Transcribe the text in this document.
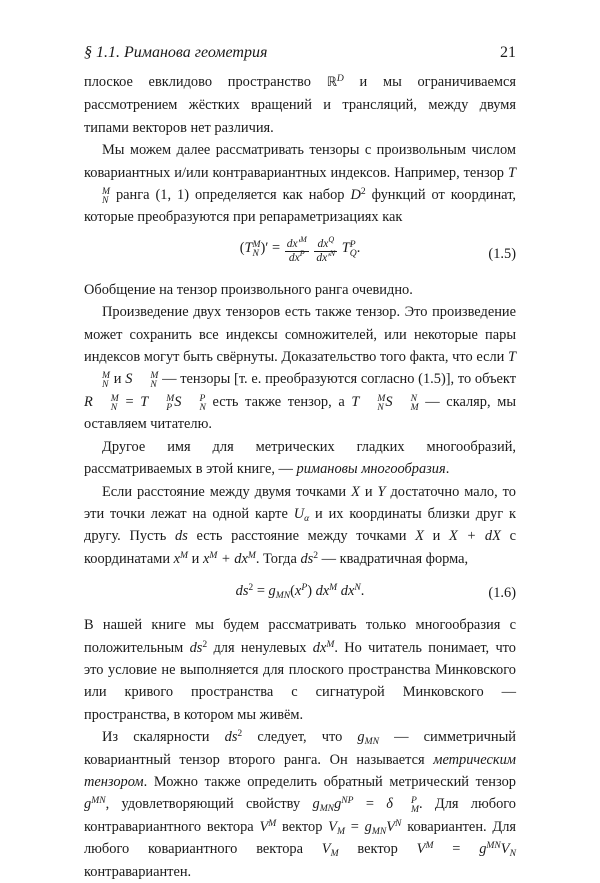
§ 1.1. Риманова геометрия	21

плоское евклидово пространство ℝ$^D$ и мы ограничиваемся рассмотрением жёстких вращений и трансляций, между двумя типами векторов нет различия.

Мы можем далее рассматривать тензоры с произвольным числом ковариантных и/или контравариантных индексов. Например, тензор T
M
N ранга (1, 1) определяется как набор $D^2$ функций от координат, которые преобразуются при репараметризациях как

(T M
N )′ = $\frac{dx'^M}{dx^P}$
$\frac{dx^Q}{dx'^N}$ T P
Q .	(1.5)

Обобщение на тензор произвольного ранга очевидно.

Произведение двух тензоров есть также тензор. Это произведение может сохранить все индексы сомножителей, или некоторые пары индексов могут быть свёрнуты. Доказательство того факта, что если T
M
N и S	M
N — тензоры [т. е. преобразуются согласно (1.5)], то объект R	M
N = T	M
P S	P
N есть также тензор, а T	M
N S	N
M — скаляр, мы оставляем читателю.

Другое имя для метрических гладких многообразий, рассматриваемых в этой книге, — римановы многообразия.

Если расстояние между двумя точками X и Y достаточно мало, то эти точки лежат на одной карте $U_\alpha$ и их координаты близки друг к другу. Пусть ds есть расстояние между точками X и X + dX с координатами $x^M$ и $x^M + dx^M$. Тогда $ds^2$ — квадратичная форма,

$ds^2 = g_{MN}(x^P)$ $dx^M$ $dx^N$.	(1.6)

В нашей книге мы будем рассматривать только многообразия с положительным $ds^2$ для ненулевых $dx^M$. Но читатель понимает, что это условие не выполняется для плоского пространства Минковского или кривого пространства с сигнатурой Минковского — пространства, в котором мы живём.

Из скалярности $ds^2$ следует, что $g_{MN}$ — симметричный ковариантный тензор второго ранга. Он называется метрическим тензором. Можно также определить обратный метрический тензор $g^{MN}$, удовлетворяющий свойству $g_{MN}g^{NP} = \delta$	P
M . Для любого контравариантного вектора $V^M$ вектор $V_M = g_{MN}V^N$ ковариантен. Для любого ковариантного вектора $V_M$ вектор $V^M = g^{MN}V_N$ контравариантен.
